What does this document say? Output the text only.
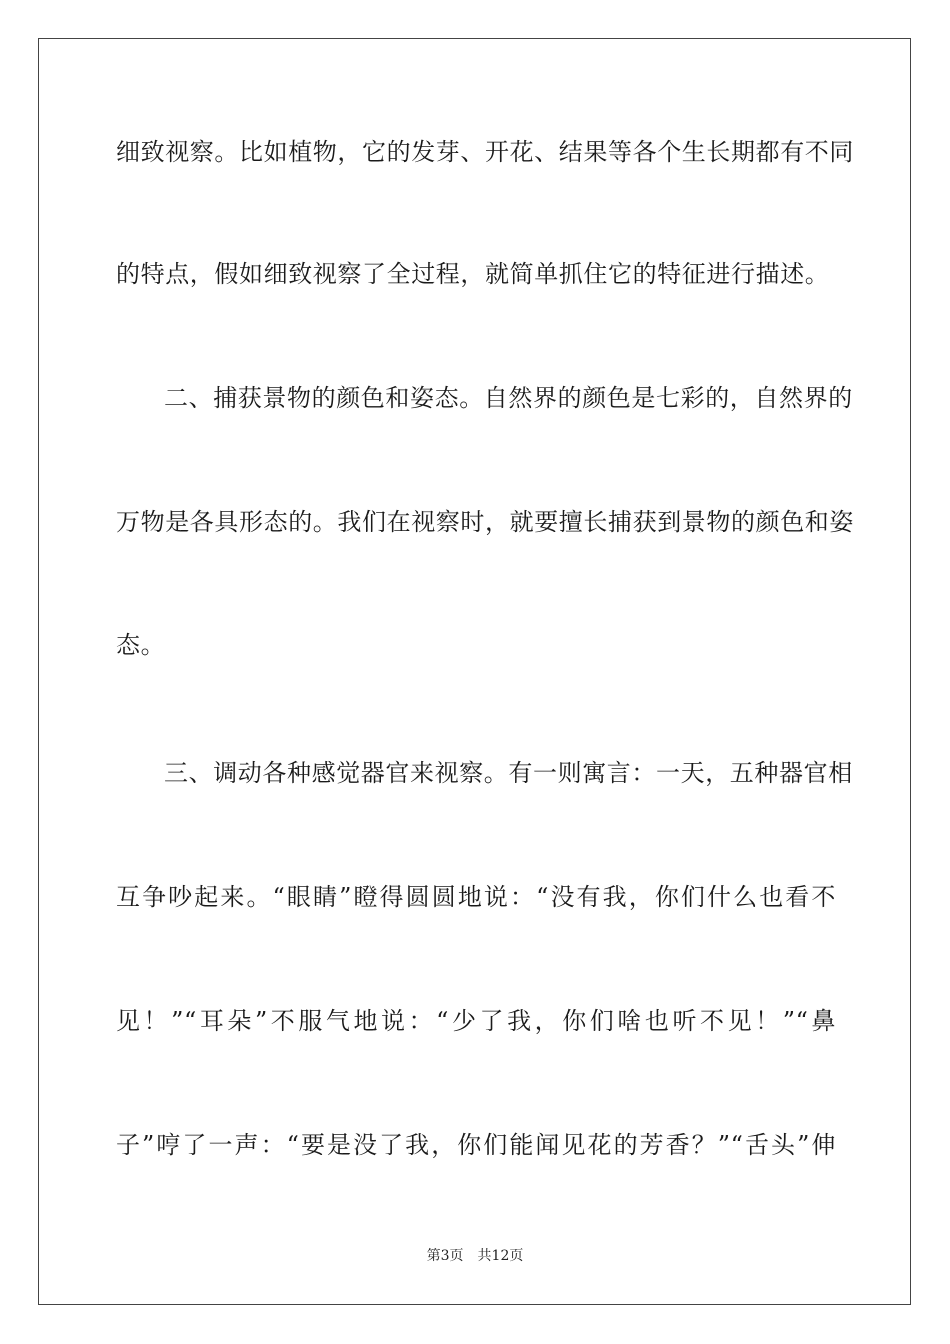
细致视察。比如植物，它的发芽、开花、结果等各个生长期都有不同
的特点，假如细致视察了全过程，就简单抓住它的特征进行描述。
二、捕获景物的颜色和姿态。自然界的颜色是七彩的，自然界的
万物是各具形态的。我们在视察时，就要擅长捕获到景物的颜色和姿
态。
三、调动各种感觉器官来视察。有一则寓言：一天，五种器官相
互争吵起来。“眼睛”瞪得圆圆地说：“没有我，你们什么也看不
见！”“耳朵”不服气地说：“少了我，你们啥也听不见！”“鼻
子”哼了一声：“要是没了我，你们能闻见花的芳香？”“舌头”伸
第3页 共12页
